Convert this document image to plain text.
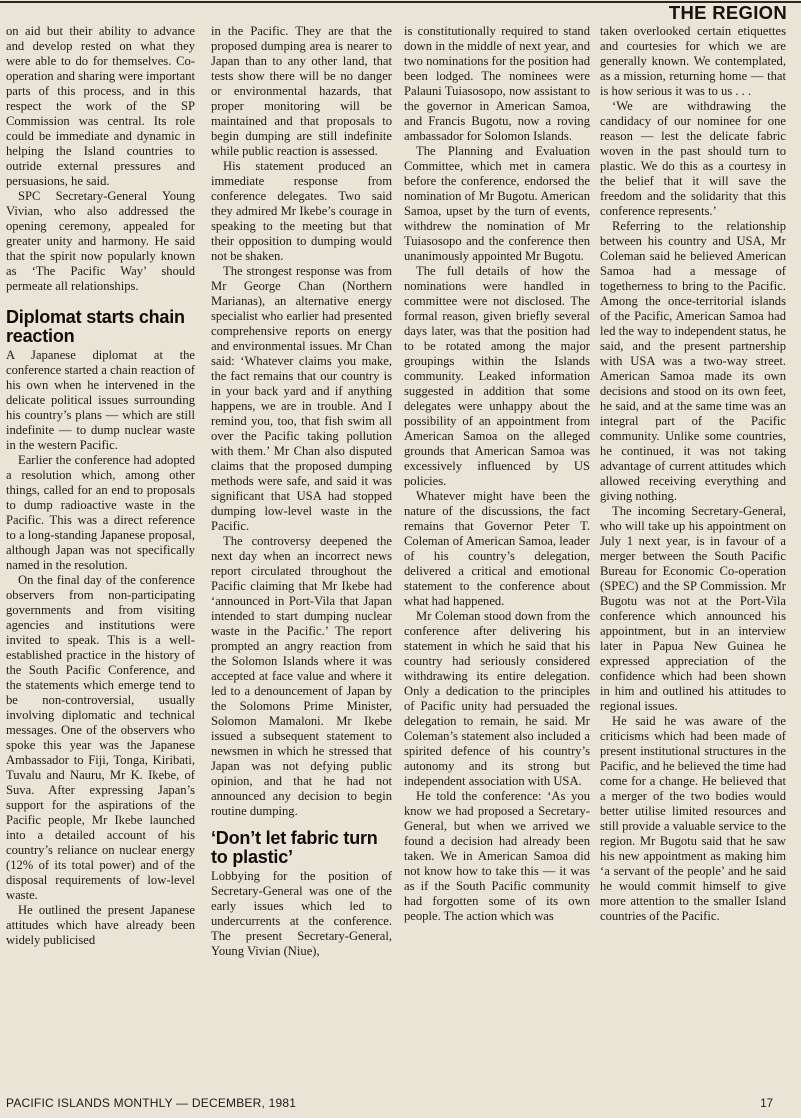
THE REGION

on aid but their ability to advance and develop rested on what they were able to do for themselves. Co-operation and sharing were important parts of this process, and in this respect the work of the SP Commission was central. Its role could be immediate and dynamic in helping the Island countries to outride external pressures and persuasions, he said.

SPC Secretary-General Young Vivian, who also addressed the opening ceremony, appealed for greater unity and harmony. He said that the spirit now popularly known as ‘The Pacific Way’ should permeate all relationships.

Diplomat starts chain reaction

A Japanese diplomat at the conference started a chain reaction of his own when he intervened in the delicate political issues surrounding his country’s plans — which are still indefinite — to dump nuclear waste in the western Pacific.

Earlier the conference had adopted a resolution which, among other things, called for an end to proposals to dump radioactive waste in the Pacific. This was a direct reference to a long-standing Japanese proposal, although Japan was not specifically named in the resolution.

On the final day of the conference observers from non-participating governments and from visiting agencies and institutions were invited to speak. This is a well-established practice in the history of the South Pacific Conference, and the statements which emerge tend to be non-controversial, usually involving diplomatic and technical messages. One of the observers who spoke this year was the Japanese Ambassador to Fiji, Tonga, Kiribati, Tuvalu and Nauru, Mr K. Ikebe, of Suva. After expressing Japan’s support for the aspirations of the Pacific people, Mr Ikebe launched into a detailed account of his country’s reliance on nuclear energy (12% of its total power) and of the disposal requirements of low-level waste.

He outlined the present Japanese attitudes which have already been widely publicised

in the Pacific. They are that the proposed dumping area is nearer to Japan than to any other land, that tests show there will be no danger or environmental hazards, that proper monitoring will be maintained and that proposals to begin dumping are still indefinite while public reaction is assessed.

His statement produced an immediate response from conference delegates. Two said they admired Mr Ikebe’s courage in speaking to the meeting but that their opposition to dumping would not be shaken.

The strongest response was from Mr George Chan (Northern Marianas), an alternative energy specialist who earlier had presented comprehensive reports on energy and environmental issues. Mr Chan said: ‘Whatever claims you make, the fact remains that our country is in your back yard and if anything happens, we are in trouble. And I remind you, too, that fish swim all over the Pacific taking pollution with them.’ Mr Chan also disputed claims that the proposed dumping methods were safe, and said it was significant that USA had stopped dumping low-level waste in the Pacific.

The controversy deepened the next day when an incorrect news report circulated throughout the Pacific claiming that Mr Ikebe had ‘announced in Port-Vila that Japan intended to start dumping nuclear waste in the Pacific.’ The report prompted an angry reaction from the Solomon Islands where it was accepted at face value and where it led to a denouncement of Japan by the Solomons Prime Minister, Solomon Mamaloni. Mr Ikebe issued a subsequent statement to newsmen in which he stressed that Japan was not defying public opinion, and that he had not announced any decision to begin routine dumping.

‘Don’t let fabric turn to plastic’

Lobbying for the position of Secretary-General was one of the early issues which led to undercurrents at the conference. The present Secretary-General, Young Vivian (Niue),

is constitutionally required to stand down in the middle of next year, and two nominations for the position had been lodged. The nominees were Palauni Tuiasosopo, now assistant to the governor in American Samoa, and Francis Bugotu, now a roving ambassador for Solomon Islands.

The Planning and Evaluation Committee, which met in camera before the conference, endorsed the nomination of Mr Bugotu. American Samoa, upset by the turn of events, withdrew the nomination of Mr Tuiasosopo and the conference then unanimously appointed Mr Bugotu.

The full details of how the nominations were handled in committee were not disclosed. The formal reason, given briefly several days later, was that the position had to be rotated among the major groupings within the Islands community. Leaked information suggested in addition that some delegates were unhappy about the possibility of an appointment from American Samoa on the alleged grounds that American Samoa was excessively influenced by US policies.

Whatever might have been the nature of the discussions, the fact remains that Governor Peter T. Coleman of American Samoa, leader of his country’s delegation, delivered a critical and emotional statement to the conference about what had happened.

Mr Coleman stood down from the conference after delivering his statement in which he said that his country had seriously considered withdrawing its entire delegation. Only a dedication to the principles of Pacific unity had persuaded the delegation to remain, he said. Mr Coleman’s statement also included a spirited defence of his country’s autonomy and its strong but independent association with USA.

He told the conference: ‘As you know we had proposed a Secretary-General, but when we arrived we found a decision had already been taken. We in American Samoa did not know how to take this — it was as if the South Pacific community had forgotten some of its own people. The action which was

taken overlooked certain etiquettes and courtesies for which we are generally known. We contemplated, as a mission, returning home — that is how serious it was to us . . .

‘We are withdrawing the candidacy of our nominee for one reason — lest the delicate fabric woven in the past should turn to plastic. We do this as a courtesy in the belief that it will save the freedom and the solidarity that this conference represents.’

Referring to the relationship between his country and USA, Mr Coleman said he believed American Samoa had a message of togetherness to bring to the Pacific. Among the once-territorial islands of the Pacific, American Samoa had led the way to independent status, he said, and the present partnership with USA was a two-way street. American Samoa made its own decisions and stood on its own feet, he said, and at the same time was an integral part of the Pacific community. Unlike some countries, he continued, it was not taking advantage of current attitudes which allowed receiving everything and giving nothing.

The incoming Secretary-General, who will take up his appointment on July 1 next year, is in favour of a merger between the South Pacific Bureau for Economic Co-operation (SPEC) and the SP Commission. Mr Bugotu was not at the Port-Vila conference which announced his appointment, but in an interview later in Papua New Guinea he expressed appreciation of the confidence which had been shown in him and outlined his attitudes to regional issues.

He said he was aware of the criticisms which had been made of present institutional structures in the Pacific, and he believed the time had come for a change. He believed that a merger of the two bodies would better utilise limited resources and still provide a valuable service to the region. Mr Bugotu said that he saw his new appointment as making him ‘a servant of the people’ and he said he would commit himself to give more attention to the smaller Island countries of the Pacific.

PACIFIC ISLANDS MONTHLY — DECEMBER, 1981	17
